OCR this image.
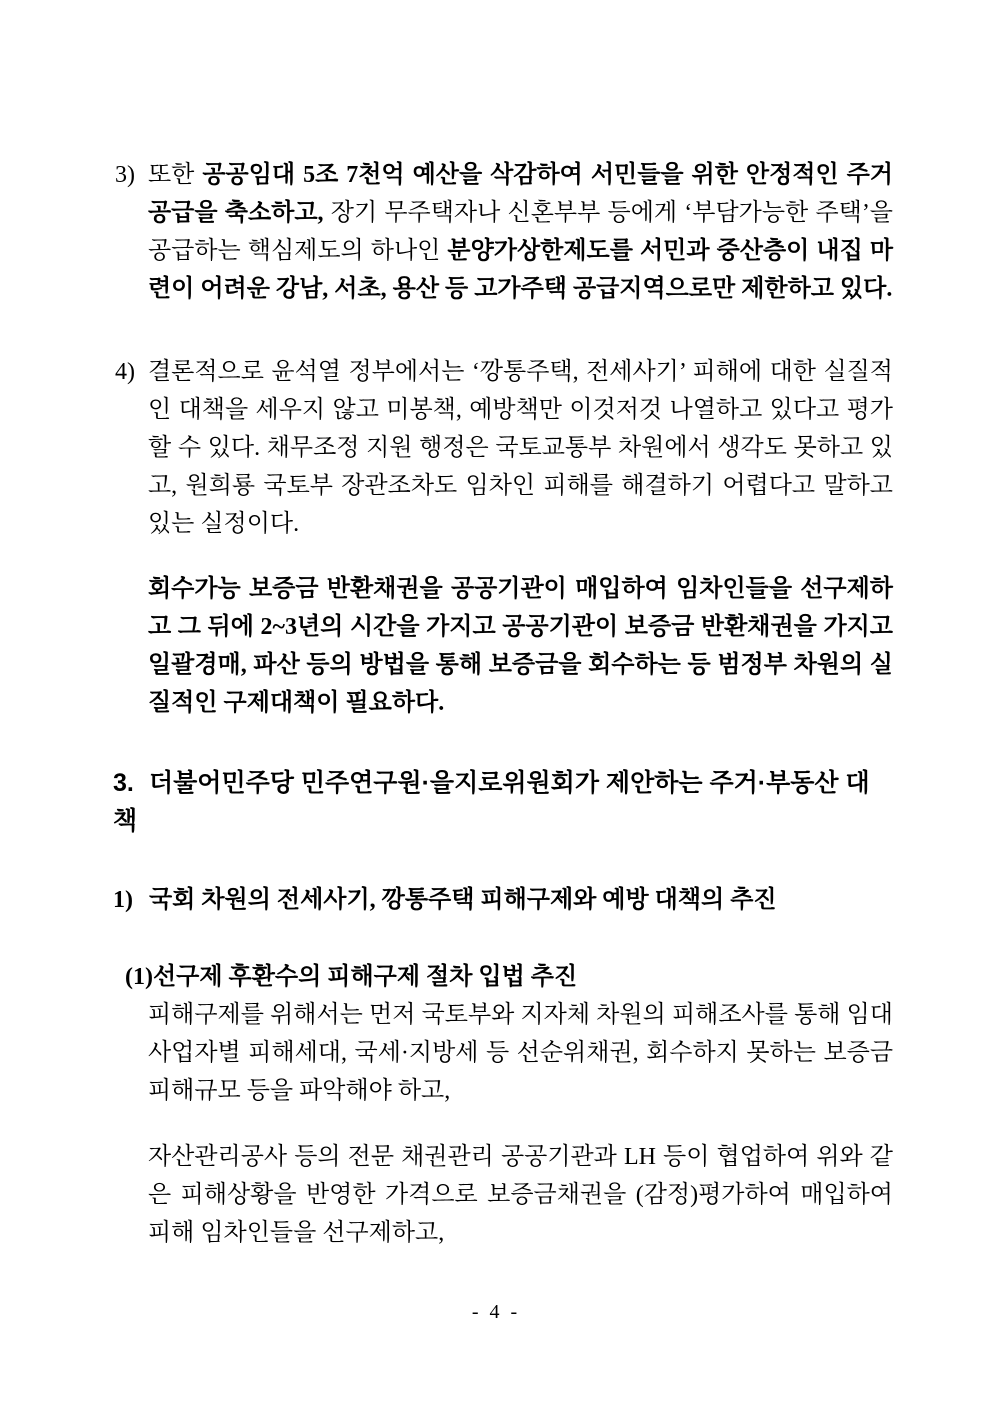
3) 또한 공공임대 5조 7천억 예산을 삭감하여 서민들을 위한 안정적인 주거 공급을 축소하고, 장기 무주택자나 신혼부부 등에게 ‘부담가능한 주택’을 공급하는 핵심제도의 하나인 분양가상한제도를 서민과 중산층이 내집 마련이 어려운 강남, 서초, 용산 등 고가주택 공급지역으로만 제한하고 있다.

4) 결론적으로 윤석열 정부에서는 ‘깡통주택, 전세사기’ 피해에 대한 실질적인 대책을 세우지 않고 미봉책, 예방책만 이것저것 나열하고 있다고 평가할 수 있다. 채무조정 지원 행정은 국토교통부 차원에서 생각도 못하고 있고, 원희룡 국토부 장관조차도 임차인 피해를 해결하기 어렵다고 말하고 있는 실정이다.

회수가능 보증금 반환채권을 공공기관이 매입하여 임차인들을 선구제하고 그 뒤에 2~3년의 시간을 가지고 공공기관이 보증금 반환채권을 가지고 일괄경매, 파산 등의 방법을 통해 보증금을 회수하는 등 범정부 차원의 실질적인 구제대책이 필요하다.

3. 더불어민주당 민주연구원·을지로위원회가 제안하는 주거·부동산 대책

1) 국회 차원의 전세사기, 깡통주택 피해구제와 예방 대책의 추진

(1)선구제 후환수의 피해구제 절차 입법 추진

피해구제를 위해서는 먼저 국토부와 지자체 차원의 피해조사를 통해 임대사업자별 피해세대, 국세·지방세 등 선순위채권, 회수하지 못하는 보증금 피해규모 등을 파악해야 하고,

자산관리공사 등의 전문 채권관리 공공기관과 LH 등이 협업하여 위와 같은 피해상황을 반영한 가격으로 보증금채권을 (감정)평가하여 매입하여 피해 임차인들을 선구제하고,

- 4 -
